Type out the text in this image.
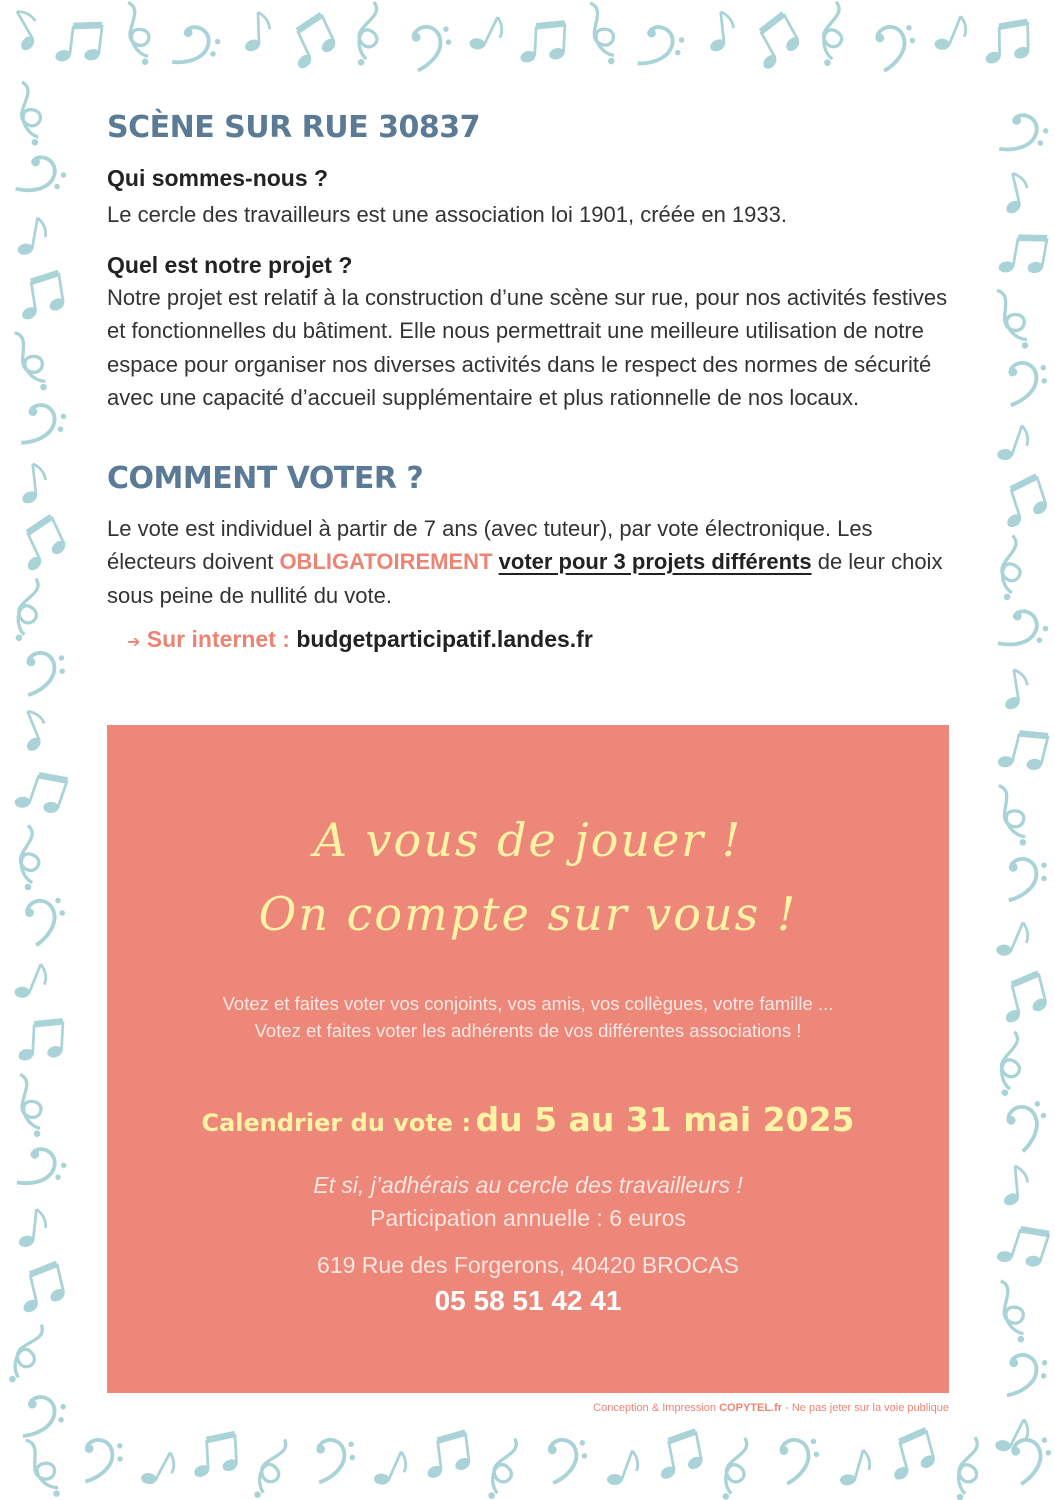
SCÈNE SUR RUE 30837

Qui sommes-nous ?

Le cercle des travailleurs est une association loi 1901, créée en 1933.

Quel est notre projet ?

Notre projet est relatif à la construction d’une scène sur rue, pour nos activités festives et fonctionnelles du bâtiment. Elle nous permettrait une meilleure utilisation de notre espace pour organiser nos diverses activités dans le respect des normes de sécurité avec une capacité d’accueil supplémentaire et plus rationnelle de nos locaux.

COMMENT VOTER ?

Le vote est individuel à partir de 7 ans (avec tuteur), par vote électronique. Les électeurs doivent OBLIGATOIREMENT voter pour 3 projets différents de leur choix sous peine de nullité du vote.

➔ Sur internet : budgetparticipatif.landes.fr
A vous de jouer !
On compte sur vous !
Votez et faites voter vos conjoints, vos amis, vos collègues, votre famille ...
Votez et faites voter les adhérents de vos différentes associations !
Calendrier du vote : du 5 au 31 mai 2025
Et si, j’adhérais au cercle des travailleurs !
Participation annuelle : 6 euros
619 Rue des Forgerons, 40420 BROCAS
05 58 51 42 41
Conception & Impression COPYTEL.fr - Ne pas jeter sur la voie publique
